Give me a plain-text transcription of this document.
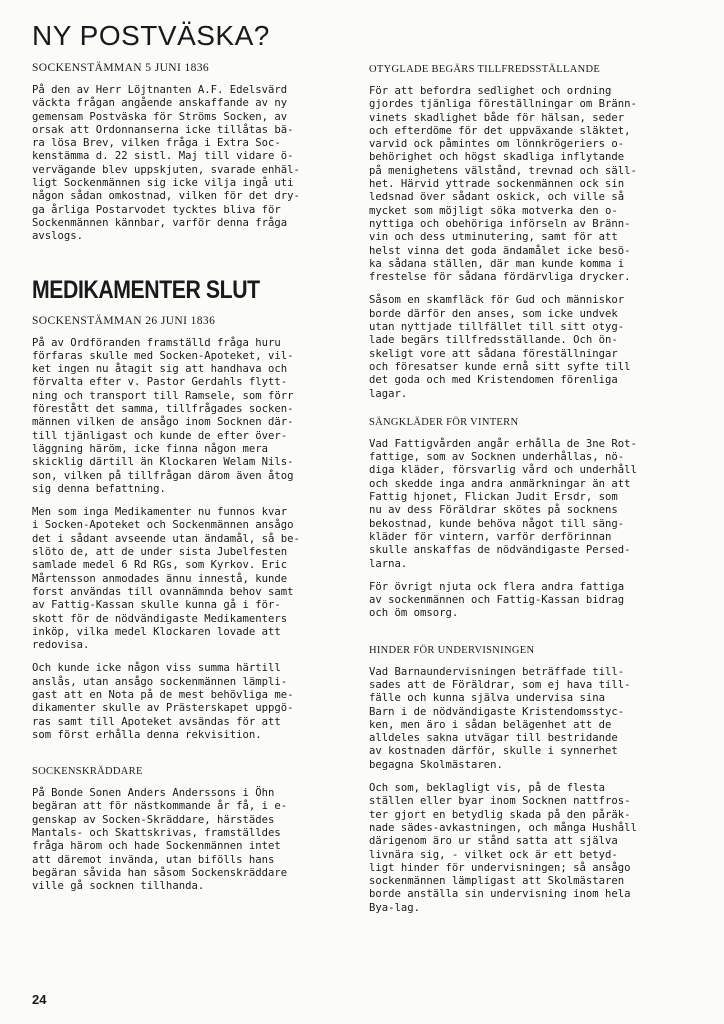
NY POSTVÄSKA?
SOCKENSTÄMMAN 5 JUNI 1836

På den av Herr Löjtnanten A.F. Edelsvärd
väckta frågan angående anskaffande av ny
gemensam Postväska för Ströms Socken, av
orsak att Ordonnanserna icke tillåtas bä-
ra lösa Brev, vilken fråga i Extra Soc-
kenstämma d. 22 sistl. Maj till vidare ö-
vervägande blev uppskjuten, svarade enhäl-
ligt Sockenmännen sig icke vilja ingå uti
någon sådan omkostnad, vilken för det dry-
ga årliga Postarvodet tycktes bliva för
Sockenmännen kännbar, varför denna fråga
avslogs.

MEDIKAMENTER SLUT
SOCKENSTÄMMAN 26 JUNI 1836

På av Ordföranden framställd fråga huru
förfaras skulle med Socken-Apoteket, vil-
ket ingen nu åtagit sig att handhava och
förvalta efter v. Pastor Gerdahls flytt-
ning och transport till Ramsele, som förr
förestått det samma, tillfrågades socken-
männen vilken de ansågo inom Socknen där-
till tjänligast och kunde de efter över-
läggning häröm, icke finna någon mera
skicklig därtill än Klockaren Welam Nils-
son, vilken på tillfrågan därom även åtog
sig denna befattning.

Men som inga Medikamenter nu funnos kvar
i Socken-Apoteket och Sockenmännen ansågo
det i sådant avseende utan ändamål, så be-
slöto de, att de under sista Jubelfesten
samlade medel 6 Rd RGs, som Kyrkov. Eric
Mårtensson anmodades ännu innestå, kunde
forst användas till ovannämnda behov samt
av Fattig-Kassan skulle kunna gå i för-
skott för de nödvändigaste Medikamenters
inköp, vilka medel Klockaren lovade att
redovisa.

Och kunde icke någon viss summa härtill
anslås, utan ansågo sockenmännen lämpli-
gast att en Nota på de mest behövliga me-
dikamenter skulle av Prästerskapet uppgö-
ras samt till Apoteket avsändas för att
som först erhålla denna rekvisition.

SOCKENSKRÄDDARE

På Bonde Sonen Anders Anderssons i Öhn
begäran att för nästkommande år få, i e-
genskap av Socken-Skräddare, härstädes
Mantals- och Skattskrivas, framställdes
fråga härom och hade Sockenmännen intet
att däremot invända, utan bifölls hans
begäran såvida han såsom Sockenskräddare
ville gå socknen tillhanda.

OTYGLADE BEGÄRS TILLFREDSSTÄLLANDE

För att befordra sedlighet och ordning
gjordes tjänliga föreställningar om Bränn-
vinets skadlighet både för hälsan, seder
och efterdöme för det uppväxande släktet,
varvid ock påmintes om lönnkrögeriers o-
behörighet och högst skadliga inflytande
på menighetens välstånd, trevnad och säll-
het. Härvid yttrade sockenmännen ock sin
ledsnad över sådant oskick, och ville så
mycket som möjligt söka motverka den o-
nyttiga och obehöriga införseln av Bränn-
vin och dess utminutering, samt för att
helst vinna det goda ändamålet icke besö-
ka sådana ställen, där man kunde komma i
frestelse för sådana fördärvliga drycker.

Såsom en skamfläck för Gud och människor
borde därför den anses, som icke undvek
utan nyttjade tillfället till sitt otyg-
lade begärs tillfredsställande. Och ön-
skeligt vore att sådana föreställningar
och föresatser kunde ernå sitt syfte till
det goda och med Kristendomen förenliga
lagar.

SÄNGKLÄDER FÖR VINTERN

Vad Fattigvården angår erhålla de 3ne Rot-
fattige, som av Socknen underhållas, nö-
diga kläder, försvarlig vård och underhåll
och skedde inga andra anmärkningar än att
Fattig hjonet, Flickan Judit Ersdr, som
nu av dess Föräldrar skötes på socknens
bekostnad, kunde behöva något till säng-
kläder för vintern, varför derförinnan
skulle anskaffas de nödvändigaste Persed-
larna.

För övrigt njuta ock flera andra fattiga
av sockenmännen och Fattig-Kassan bidrag
och öm omsorg.

HINDER FÖR UNDERVISNINGEN

Vad Barnaundervisningen beträffade till-
sades att de Föräldrar, som ej hava till-
fälle och kunna själva undervisa sina
Barn i de nödvändigaste Kristendomsstyc-
ken, men äro i sådan belägenhet att de
alldeles sakna utvägar till bestridande
av kostnaden därför, skulle i synnerhet
begagna Skolmästaren.

Och som, beklagligt vis, på de flesta
ställen eller byar inom Socknen nattfros-
ter gjort en betydlig skada på den påräk-
nade sädes-avkastningen, och många Hushåll
därigenom äro ur stånd satta att själva
livnära sig, - vilket ock är ett betyd-
ligt hinder för undervisningen; så ansågo
sockenmännen lämpligast att Skolmästaren
borde anställa sin undervisning inom hela
Bya-lag.

24
